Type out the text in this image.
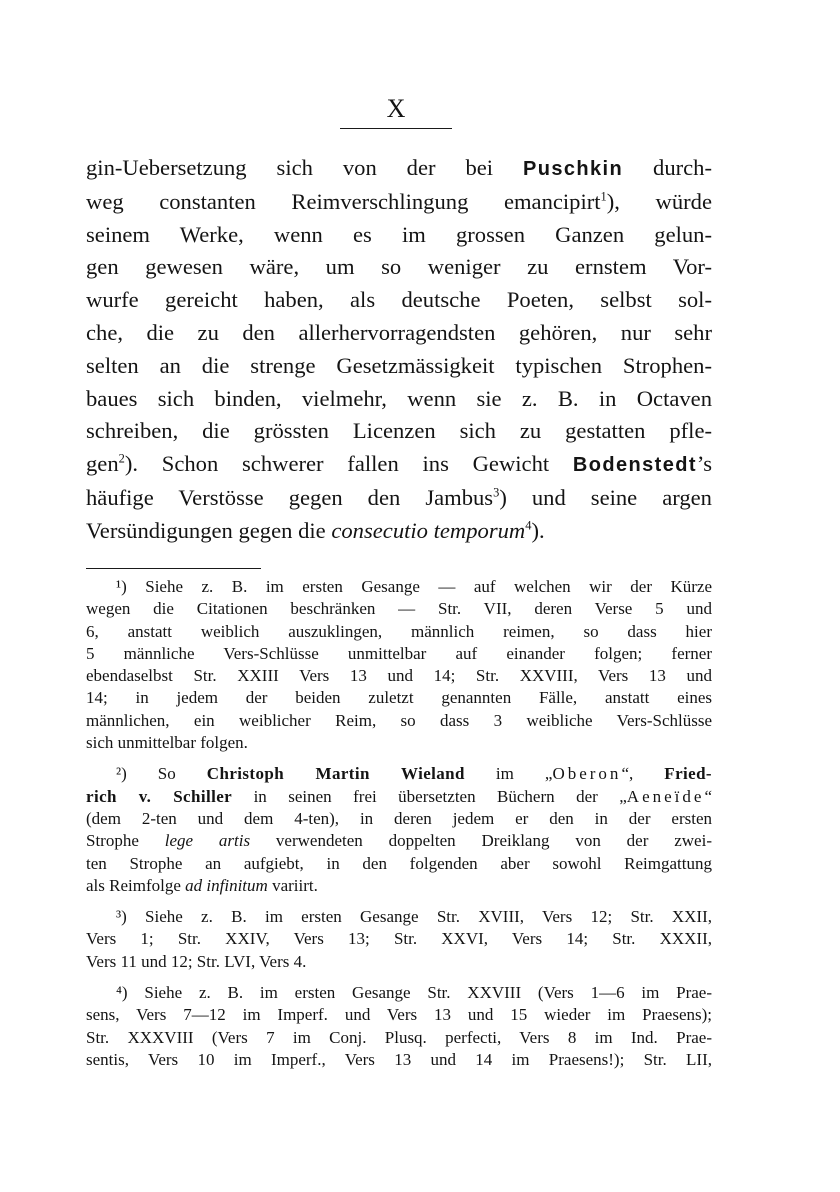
X
gin-Uebersetzung sich von der bei Puschkin durch-
weg constanten Reimverschlingung emancipirt$^1$), würde
seinem Werke, wenn es im grossen Ganzen gelun-
gen gewesen wäre, um so weniger zu ernstem Vor-
wurfe gereicht haben, als deutsche Poeten, selbst sol-
che, die zu den allerhervorragendsten gehören, nur sehr
selten an die strenge Gesetzmässigkeit typischen Strophen-
baues sich binden, vielmehr, wenn sie z. B. in Octaven
schreiben, die grössten Licenzen sich zu gestatten pfle-
gen$^2$). Schon schwerer fallen ins Gewicht Bodenstedt’s
häufige Verstösse gegen den Jambus$^3$) und seine argen
Versündigungen gegen die consecutio temporum$^4$).
¹) Siehe z. B. im ersten Gesange — auf welchen wir der Kürze
wegen die Citationen beschränken — Str. VII, deren Verse 5 und
6, anstatt weiblich auszuklingen, männlich reimen, so dass hier
5 männliche Vers-Schlüsse unmittelbar auf einander folgen; ferner
ebendaselbst Str. XXIII Vers 13 und 14; Str. XXVIII, Vers 13 und
14; in jedem der beiden zuletzt genannten Fälle, anstatt eines
männlichen, ein weiblicher Reim, so dass 3 weibliche Vers-Schlüsse
sich unmittelbar folgen.
²) So Christoph Martin Wieland im „Oberon“, Fried-
rich v. Schiller in seinen frei übersetzten Büchern der „Aeneïde“
(dem 2-ten und dem 4-ten), in deren jedem er den in der ersten
Strophe lege artis verwendeten doppelten Dreiklang von der zwei-
ten Strophe an aufgiebt, in den folgenden aber sowohl Reimgattung
als Reimfolge ad infinitum variirt.
³) Siehe z. B. im ersten Gesange Str. XVIII, Vers 12; Str. XXII,
Vers 1; Str. XXIV, Vers 13; Str. XXVI, Vers 14; Str. XXXII,
Vers 11 und 12; Str. LVI, Vers 4.
⁴) Siehe z. B. im ersten Gesange Str. XXVIII (Vers 1—6 im Prae-
sens, Vers 7—12 im Imperf. und Vers 13 und 15 wieder im Praesens);
Str. XXXVIII (Vers 7 im Conj. Plusq. perfecti, Vers 8 im Ind. Prae-
sentis, Vers 10 im Imperf., Vers 13 und 14 im Praesens!); Str. LII,
